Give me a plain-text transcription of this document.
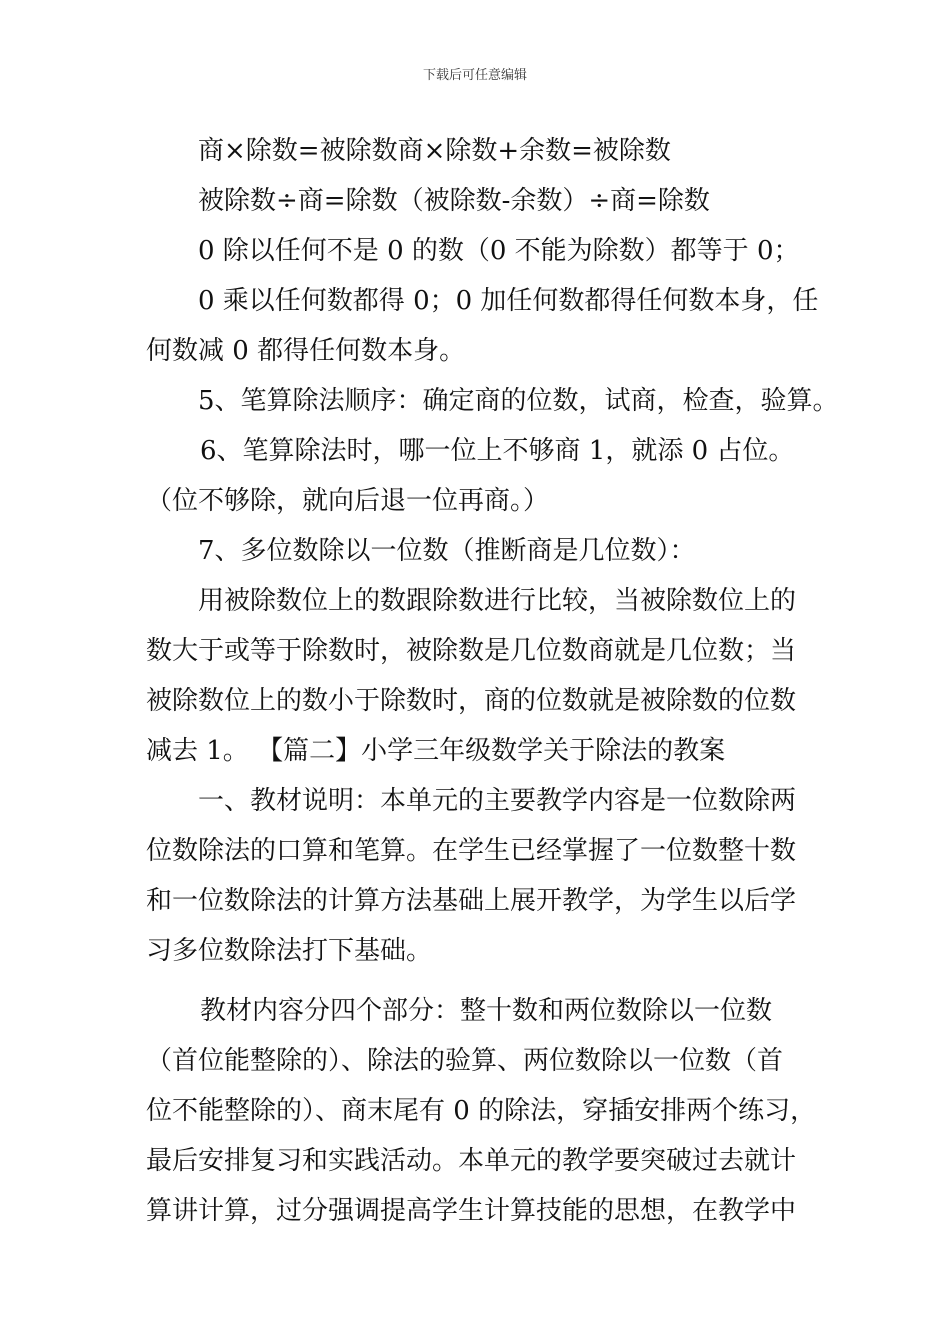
下载后可任意编辑
商×除数=被除数商×除数+余数=被除数
被除数÷商=除数（被除数-余数）÷商=除数
0 除以任何不是 0 的数（0 不能为除数）都等于 0；
0 乘以任何数都得 0；0 加任何数都得任何数本身，任
何数减 0 都得任何数本身。
5、笔算除法顺序：确定商的位数，试商，检查，验算。
6、笔算除法时，哪一位上不够商 1，就添 0 占位。
（位不够除，就向后退一位再商。）
7、多位数除以一位数（推断商是几位数）：
用被除数位上的数跟除数进行比较，当被除数位上的
数大于或等于除数时，被除数是几位数商就是几位数；当
被除数位上的数小于除数时，商的位数就是被除数的位数
减去 1。 【篇二】小学三年级数学关于除法的教案
一、教材说明：本单元的主要教学内容是一位数除两
位数除法的口算和笔算。在学生已经掌握了一位数整十数
和一位数除法的计算方法基础上展开教学，为学生以后学
习多位数除法打下基础。
教材内容分四个部分：整十数和两位数除以一位数
（首位能整除的）、除法的验算、两位数除以一位数（首
位不能整除的）、商末尾有 0 的除法，穿插安排两个练习，
最后安排复习和实践活动。本单元的教学要突破过去就计
算讲计算，过分强调提高学生计算技能的思想，在教学中
